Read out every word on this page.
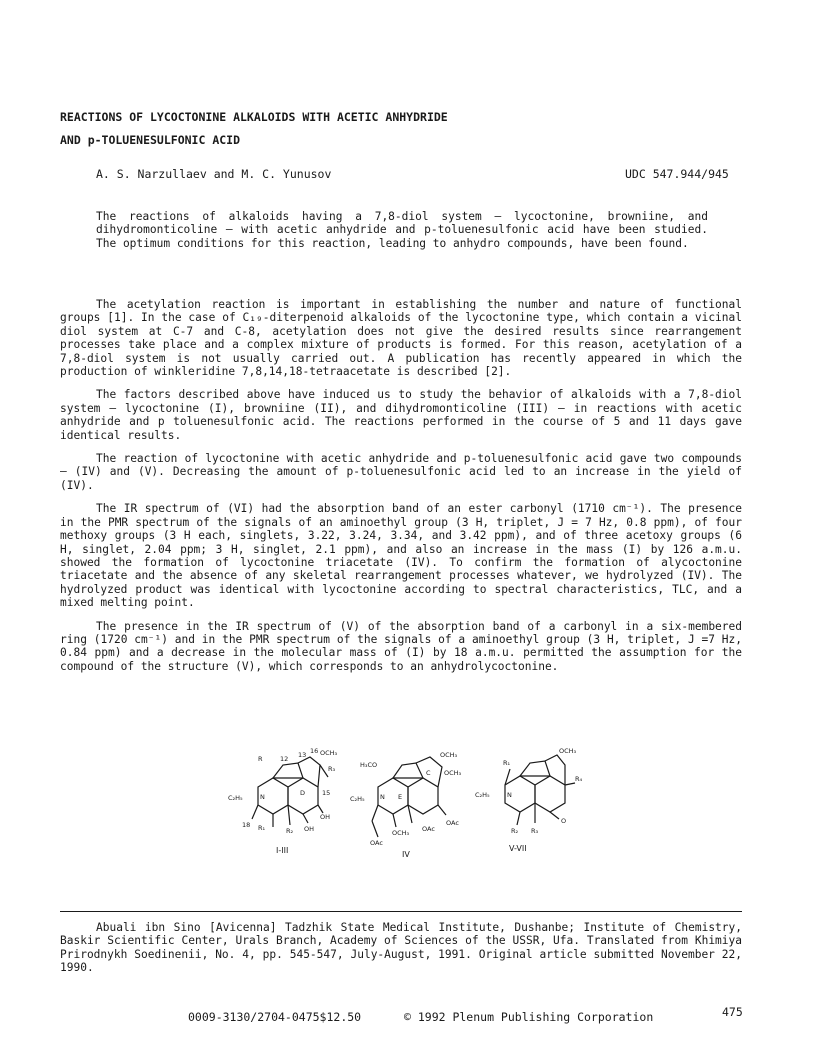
REACTIONS OF LYCOCTONINE ALKALOIDS WITH ACETIC ANHYDRIDE
AND p-TOLUENESULFONIC ACID
A. S. Narzullaev and M. C. Yunusov	UDC 547.944/945
The reactions of alkaloids having a 7,8-diol system – lycoctonine, browniine, and dihydromonticoline – with acetic anhydride and p-toluenesulfonic acid have been studied. The optimum conditions for this reaction, leading to anhydro compounds, have been found.

The acetylation reaction is important in establishing the number and nature of functional groups [1]. In the case of C₁₉-diterpenoid alkaloids of the lycoctonine type, which contain a vicinal diol system at C-7 and C-8, acetylation does not give the desired results since rearrangement processes take place and a complex mixture of products is formed. For this reason, acetylation of a 7,8-diol system is not usually carried out. A publication has recently appeared in which the production of winkleridine 7,8,14,18-tetraacetate is described [2].

The factors described above have induced us to study the behavior of alkaloids with a 7,8-diol system – lycoctonine (I), browniine (II), and dihydromonticoline (III) – in reactions with acetic anhydride and p toluenesulfonic acid. The reactions performed in the course of 5 and 11 days gave identical results.

The reaction of lycoctonine with acetic anhydride and p-toluenesulfonic acid gave two compounds – (IV) and (V). Decreasing the amount of p-toluenesulfonic acid led to an increase in the yield of (IV).

The IR spectrum of (VI) had the absorption band of an ester carbonyl (1710 cm⁻¹). The presence in the PMR spectrum of the signals of an aminoethyl group (3 H, triplet, J = 7 Hz, 0.8 ppm), of four methoxy groups (3 H each, singlets, 3.22, 3.24, 3.34, and 3.42 ppm), and of three acetoxy groups (6 H, singlet, 2.04 ppm; 3 H, singlet, 2.1 ppm), and also an increase in the mass (I) by 126 a.m.u. showed the formation of lycoctonine triacetate (IV). To confirm the formation of alycoctonine triacetate and the absence of any skeletal rearrangement processes whatever, we hydrolyzed (IV). The hydrolyzed product was identical with lycoctonine according to spectral characteristics, TLC, and a mixed melting point.

The presence in the IR spectrum of (V) of the absorption band of a carbonyl in a six-membered ring (1720 cm⁻¹) and in the PMR spectrum of the signals of a aminoethyl group (3 H, triplet, J =7 Hz, 0.84 ppm) and a decrease in the molecular mass of (I) by 18 a.m.u. permitted the assumption for the compound of the structure (V), which corresponds to an anhydrolycoctonine.

R	12 13 16 OCH₃
R₃
C₂H₅	N	D	15
OH
OH
R₁	R₂
18
I-III
H₃CO
OCH₃
OCH₃
C
N E
C₂H₅
OAc
OAc
OCH₃
OAc
IV
OCH₃
R₁
R₄
C₂H₅	N
O
R₂ R₃
V-VII
Abuali ibn Sino [Avicenna] Tadzhik State Medical Institute, Dushanbe; Institute of Chemistry, Baskir Scientific Center, Urals Branch, Academy of Sciences of the USSR, Ufa. Translated from Khimiya Prirodnykh Soedinenii, No. 4, pp. 545-547, July-August, 1991. Original article submitted November 22, 1990.
0009-3130/2704-0475$12.50	© 1992 Plenum Publishing Corporation	475
